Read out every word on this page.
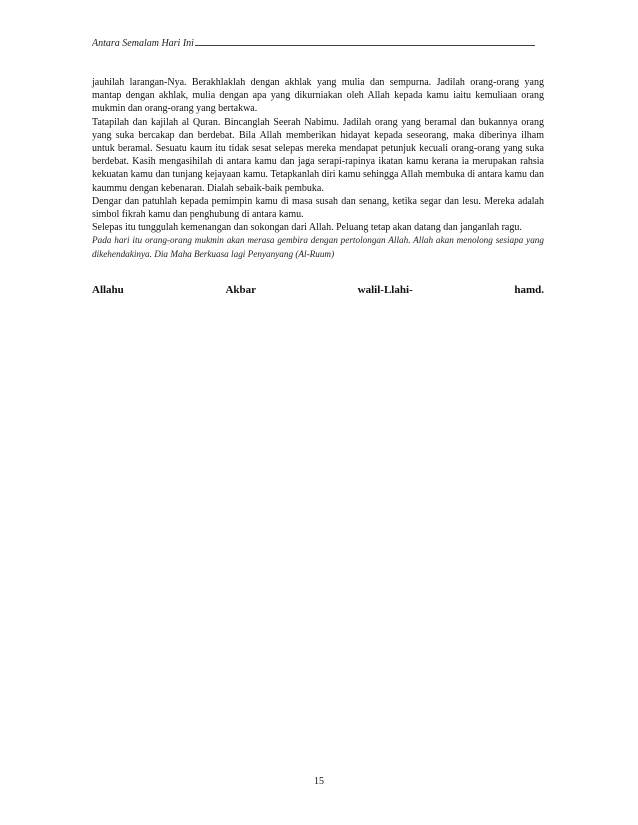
Antara Semalam Hari Ini

jauhilah larangan-Nya. Berakhlaklah dengan akhlak yang mulia dan sempurna. Jadilah orang-orang yang mantap dengan akhlak, mulia dengan apa yang dikurniakan oleh Allah kepada kamu iaitu kemuliaan orang mukmin dan orang-orang yang bertakwa.

Tatapilah dan kajilah al Quran. Bincanglah Seerah Nabimu. Jadilah orang yang beramal dan bukannya orang yang suka bercakap dan berdebat. Bila Allah memberikan hidayat kepada seseorang, maka diberinya ilham untuk beramal. Sesuatu kaum itu tidak sesat selepas mereka mendapat petunjuk kecuali orang-orang yang suka berdebat. Kasih mengasihilah di antara kamu dan jaga serapi-rapinya ikatan kamu kerana ia merupakan rahsia kekuatan kamu dan tunjang kejayaan kamu. Tetapkanlah diri kamu sehingga Allah membuka di antara kamu dan kaummu dengan kebenaran. Dialah sebaik-baik pembuka.

Dengar dan patuhlah kepada pemimpin kamu di masa susah dan senang, ketika segar dan lesu. Mereka adalah simbol fikrah kamu dan penghubung di antara kamu.

Selepas itu tunggulah kemenangan dan sokongan dari Allah. Peluang tetap akan datang dan janganlah ragu.

Pada hari itu orang-orang mukmin akan merasa gembira dengan pertolongan Allah. Allah akan menolong sesiapa yang dikehendakinya. Dia Maha Berkuasa lagi Penyanyang (Al-Ruum)

Allahu	Akbar	walil-Llahi-	hamd.
15
